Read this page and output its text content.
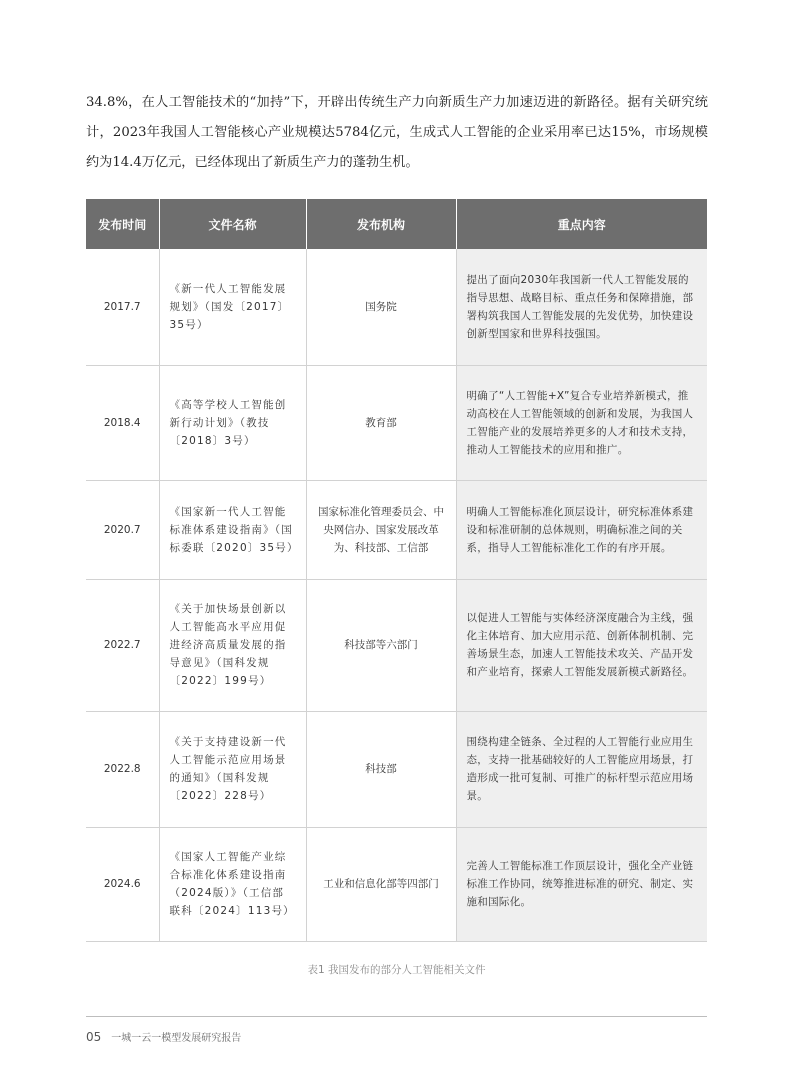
34.8%，在人工智能技术的“加持”下，开辟出传统生产力向新质生产力加速迈进的新路径。据有关研究统计，2023年我国人工智能核心产业规模达5784亿元，生成式人工智能的企业采用率已达15%，市场规模约为14.4万亿元，已经体现出了新质生产力的蓬勃生机。

发布时间	文件名称	发布机构	重点内容
2017.7	《新一代人工智能发展规划》（国发〔2017〕35号）	国务院	提出了面向2030年我国新一代人工智能发展的指导思想、战略目标、重点任务和保障措施，部署构筑我国人工智能发展的先发优势，加快建设创新型国家和世界科技强国。
2018.4	《高等学校人工智能创新行动计划》（教技〔2018〕3号）	教育部	明确了“人工智能+X”复合专业培养新模式，推动高校在人工智能领域的创新和发展，为我国人工智能产业的发展培养更多的人才和技术支持，推动人工智能技术的应用和推广。
2020.7	《国家新一代人工智能标准体系建设指南》（国标委联〔2020〕35号）	国家标准化管理委员会、中央网信办、国家发展改革为、科技部、工信部	明确人工智能标准化顶层设计，研究标准体系建设和标准研制的总体规则，明确标准之间的关系，指导人工智能标准化工作的有序开展。
2022.7	《关于加快场景创新以人工智能高水平应用促进经济高质量发展的指导意见》（国科发规〔2022〕199号）	科技部等六部门	以促进人工智能与实体经济深度融合为主线，强化主体培育、加大应用示范、创新体制机制、完善场景生态，加速人工智能技术攻关、产品开发和产业培育，探索人工智能发展新模式新路径。
2022.8	《关于支持建设新一代人工智能示范应用场景的通知》（国科发规〔2022〕228号）	科技部	围绕构建全链条、全过程的人工智能行业应用生态，支持一批基础较好的人工智能应用场景，打造形成一批可复制、可推广的标杆型示范应用场景。
2024.6	《国家人工智能产业综合标准化体系建设指南（2024版）》（工信部联科〔2024〕113号）	工业和信息化部等四部门	完善人工智能标准工作顶层设计，强化全产业链标准工作协同，统筹推进标准的研究、制定、实施和国际化。
表1 我国发布的部分人工智能相关文件
05 一城一云一模型发展研究报告
